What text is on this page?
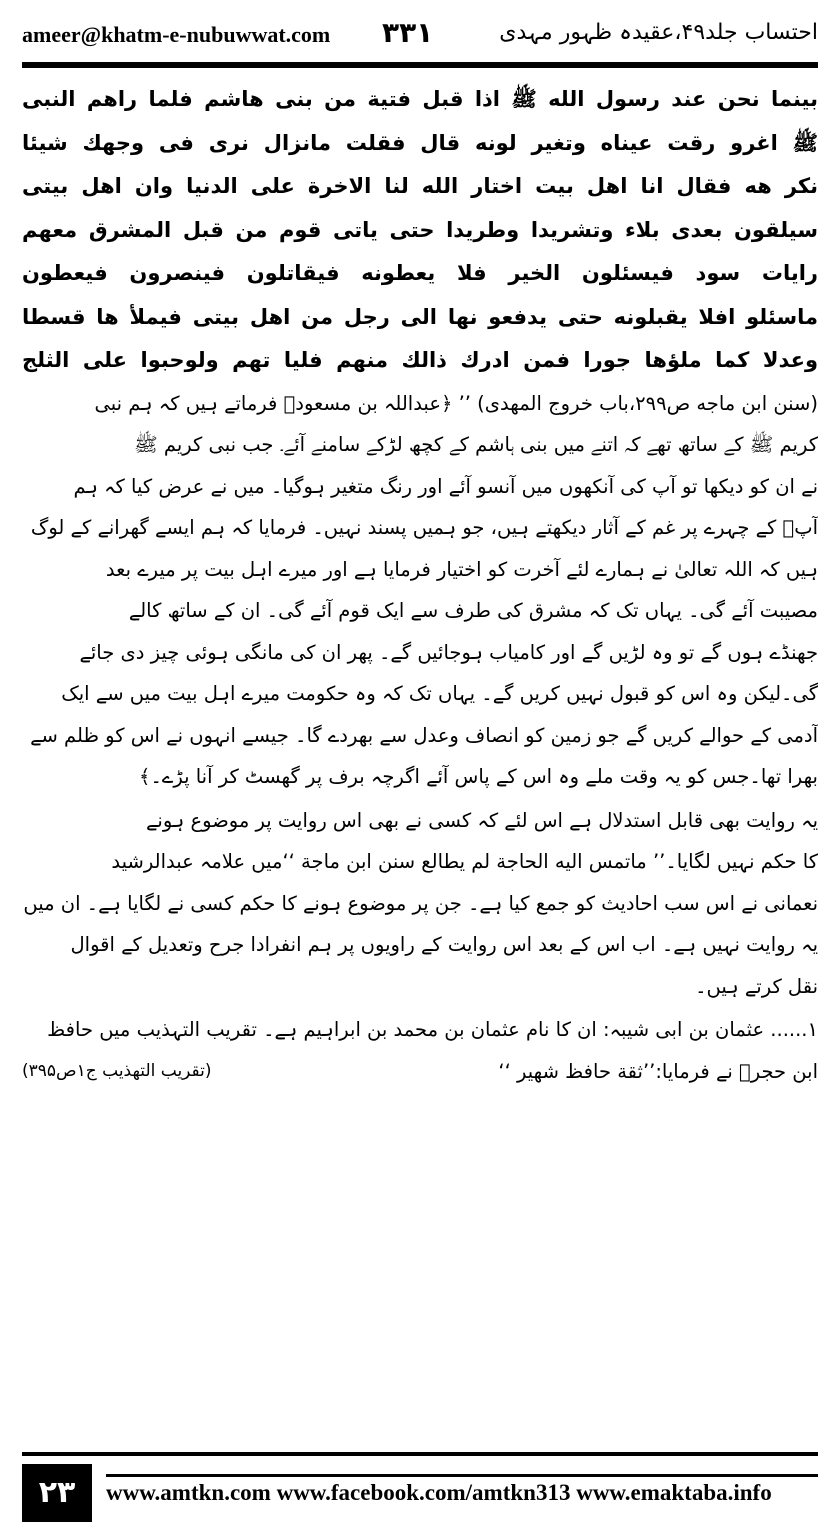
ameer@khatm-e-nubuwwat.com ۳۳۱	احتساب جلد۴۹،عقیدہ ظہور مہدی
بینما نحن عند رسول الله ﷺ اذا قبل فتیة من بنی هاشم فلما راهم النبی
ﷺ اغرو رقت عیناه وتغیر لونه قال فقلت مانزال نری فی وجهك شیئا
نکر هه فقال انا اهل بیت اختار الله لنا الاخرة علی الدنیا وان اهل بیتی
سیلقون بعدی بلاء وتشریدا وطریدا حتی یاتی قوم من قبل المشرق معهم
رایات سود فیسئلون الخیر فلا یعطونه فیقاتلون فینصرون فیعطون
ماسئلو افلا یقبلونه حتی یدفعو نها الی رجل من اهل بیتی فیملأ ها قسطا
وعدلا کما ملؤها جورا فمن ادرك ذالك منهم فلیا تهم ولوحبوا علی الثلج
(سنن ابن ماجه ص۲۹۹،باب خروج المهدی) ’’ ﴿عبداللہ بن مسعودؓ فرماتے ہیں کہ ہم نبی
کریم ﷺ کے ساتھ تھے کہ اتنے میں بنی ہاشم کے کچھ لڑکے سامنے آئے۔ جب نبی کریم ﷺ
نے ان کو دیکھا تو آپ کی آنکھوں میں آنسو آئے اور رنگ متغیر ہوگیا۔ میں نے عرض کیا کہ ہم
آپؐ کے چہرے پر غم کے آثار دیکھتے ہیں، جو ہمیں پسند نہیں۔ فرمایا کہ ہم ایسے گھرانے کے لوگ
ہیں کہ اللہ تعالیٰ نے ہمارے لئے آخرت کو اختیار فرمایا ہے اور میرے اہل بیت پر میرے بعد
مصیبت آئے گی۔ یہاں تک کہ مشرق کی طرف سے ایک قوم آئے گی۔ ان کے ساتھ کالے
جھنڈے ہوں گے تو وہ لڑیں گے اور کامیاب ہوجائیں گے۔ پھر ان کی مانگی ہوئی چیز دی جائے
گی۔لیکن وہ اس کو قبول نہیں کریں گے۔ یہاں تک کہ وہ حکومت میرے اہل بیت میں سے ایک
آدمی کے حوالے کریں گے جو زمین کو انصاف وعدل سے بھردے گا۔ جیسے انہوں نے اس کو ظلم سے
بھرا تھا۔جس کو یہ وقت ملے وہ اس کے پاس آئے اگرچہ برف پر گھسٹ کر آنا پڑے۔﴾
یہ روایت بھی قابل استدلال ہے اس لئے کہ کسی نے بھی اس روایت پر موضوع ہونے
کا حکم نہیں لگایا۔’’ ماتمس الیه الحاجة لم یطالع سنن ابن ماجة ‘‘میں علامہ عبدالرشید
نعمانی نے اس سب احادیث کو جمع کیا ہے۔ جن پر موضوع ہونے کا حکم کسی نے لگایا ہے۔ ان میں
یہ روایت نہیں ہے۔ اب اس کے بعد اس روایت کے راویوں پر ہم انفرادا جرح وتعدیل کے اقوال
نقل کرتے ہیں۔
۱...... عثمان بن ابی شیبہ: ان کا نام عثمان بن محمد بن ابراہیم ہے۔ تقریب التہذیب میں حافظ
ابن حجرؒ نے فرمایا:’’ثقة حافظ شهیر ‘‘
(تقریب التهذیب ج۱ص۳۹۵)
۲۳	www.amtkn.com www.facebook.com/amtkn313 www.emaktaba.info
